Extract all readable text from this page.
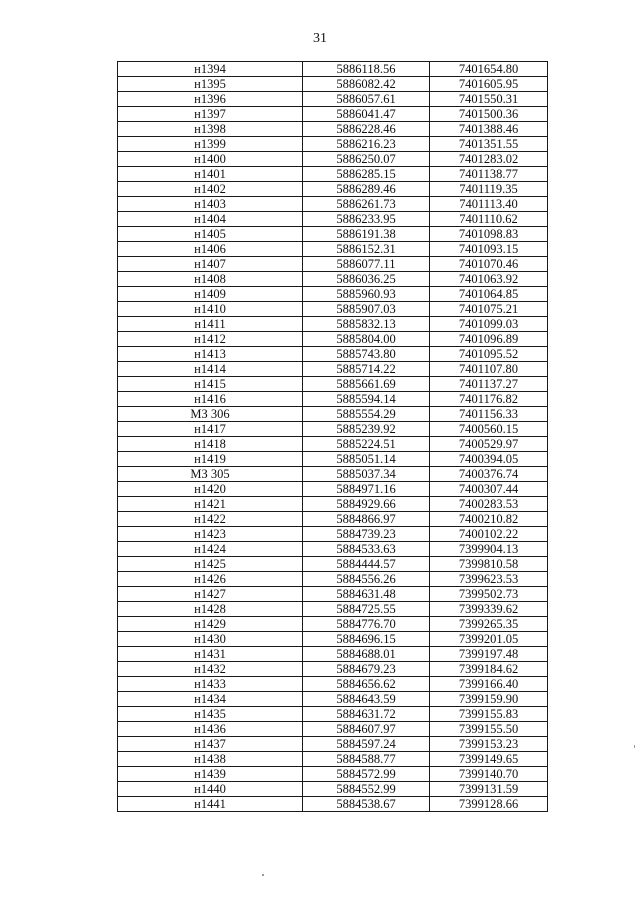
31
н1394	5886118.56	7401654.80
н1395	5886082.42	7401605.95
н1396	5886057.61	7401550.31
н1397	5886041.47	7401500.36
н1398	5886228.46	7401388.46
н1399	5886216.23	7401351.55
н1400	5886250.07	7401283.02
н1401	5886285.15	7401138.77
н1402	5886289.46	7401119.35
н1403	5886261.73	7401113.40
н1404	5886233.95	7401110.62
н1405	5886191.38	7401098.83
н1406	5886152.31	7401093.15
н1407	5886077.11	7401070.46
н1408	5886036.25	7401063.92
н1409	5885960.93	7401064.85
н1410	5885907.03	7401075.21
н1411	5885832.13	7401099.03
н1412	5885804.00	7401096.89
н1413	5885743.80	7401095.52
н1414	5885714.22	7401107.80
н1415	5885661.69	7401137.27
н1416	5885594.14	7401176.82
МЗ 306	5885554.29	7401156.33
н1417	5885239.92	7400560.15
н1418	5885224.51	7400529.97
н1419	5885051.14	7400394.05
МЗ 305	5885037.34	7400376.74
н1420	5884971.16	7400307.44
н1421	5884929.66	7400283.53
н1422	5884866.97	7400210.82
н1423	5884739.23	7400102.22
н1424	5884533.63	7399904.13
н1425	5884444.57	7399810.58
н1426	5884556.26	7399623.53
н1427	5884631.48	7399502.73
н1428	5884725.55	7399339.62
н1429	5884776.70	7399265.35
н1430	5884696.15	7399201.05
н1431	5884688.01	7399197.48
н1432	5884679.23	7399184.62
н1433	5884656.62	7399166.40
н1434	5884643.59	7399159.90
н1435	5884631.72	7399155.83
н1436	5884607.97	7399155.50
н1437	5884597.24	7399153.23
н1438	5884588.77	7399149.65
н1439	5884572.99	7399140.70
н1440	5884552.99	7399131.59
н1441	5884538.67	7399128.66
